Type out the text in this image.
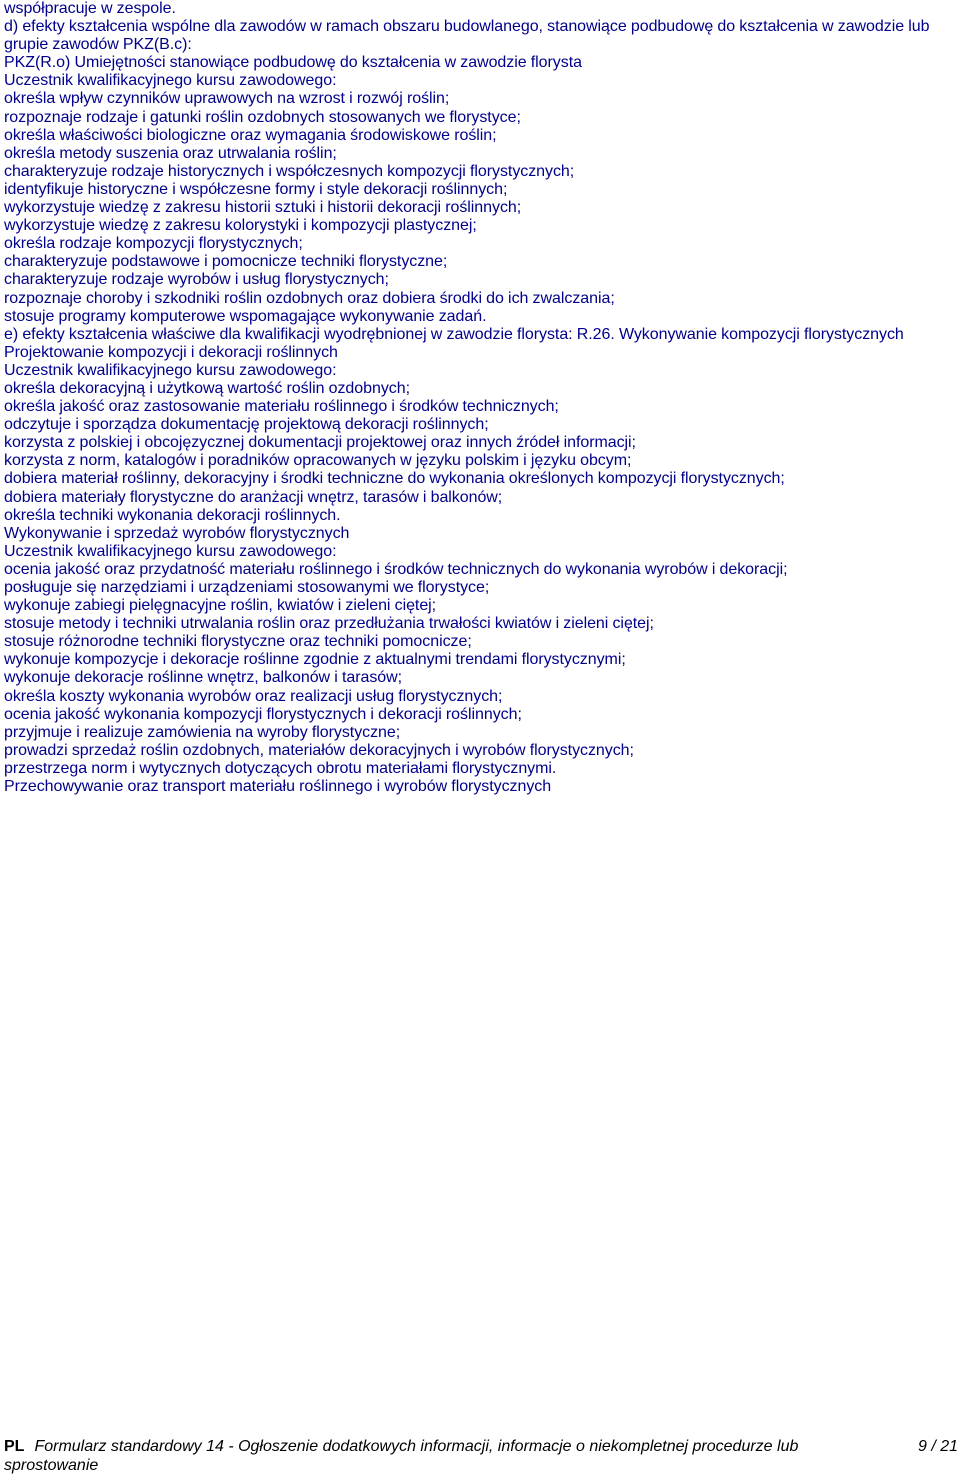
współpracuje w zespole.
d) efekty kształcenia wspólne dla zawodów w ramach obszaru budowlanego, stanowiące podbudowę do kształcenia w zawodzie lub grupie zawodów PKZ(B.c):
PKZ(R.o) Umiejętności stanowiące podbudowę do kształcenia w zawodzie florysta
Uczestnik kwalifikacyjnego kursu zawodowego:
określa wpływ czynników uprawowych na wzrost i rozwój roślin;
rozpoznaje rodzaje i gatunki roślin ozdobnych stosowanych we florystyce;
określa właściwości biologiczne oraz wymagania środowiskowe roślin;
określa metody suszenia oraz utrwalania roślin;
charakteryzuje rodzaje historycznych i współczesnych kompozycji florystycznych;
identyfikuje historyczne i współczesne formy i style dekoracji roślinnych;
wykorzystuje wiedzę z zakresu historii sztuki i historii dekoracji roślinnych;
wykorzystuje wiedzę z zakresu kolorystyki i kompozycji plastycznej;
określa rodzaje kompozycji florystycznych;
charakteryzuje podstawowe i pomocnicze techniki florystyczne;
charakteryzuje rodzaje wyrobów i usług florystycznych;
rozpoznaje choroby i szkodniki roślin ozdobnych oraz dobiera środki do ich zwalczania;
stosuje programy komputerowe wspomagające wykonywanie zadań.
e) efekty kształcenia właściwe dla kwalifikacji wyodrębnionej w zawodzie florysta: R.26. Wykonywanie kompozycji florystycznych
Projektowanie kompozycji i dekoracji roślinnych
Uczestnik kwalifikacyjnego kursu zawodowego:
określa dekoracyjną i użytkową wartość roślin ozdobnych;
określa jakość oraz zastosowanie materiału roślinnego i środków technicznych;
odczytuje i sporządza dokumentację projektową dekoracji roślinnych;
korzysta z polskiej i obcojęzycznej dokumentacji projektowej oraz innych źródeł informacji;
korzysta z norm, katalogów i poradników opracowanych w języku polskim i języku obcym;
dobiera materiał roślinny, dekoracyjny i środki techniczne do wykonania określonych kompozycji florystycznych;
dobiera materiały florystyczne do aranżacji wnętrz, tarasów i balkonów;
określa techniki wykonania dekoracji roślinnych.
Wykonywanie i sprzedaż wyrobów florystycznych
Uczestnik kwalifikacyjnego kursu zawodowego:
ocenia jakość oraz przydatność materiału roślinnego i środków technicznych do wykonania wyrobów i dekoracji;
posługuje się narzędziami i urządzeniami stosowanymi we florystyce;
wykonuje zabiegi pielęgnacyjne roślin, kwiatów i zieleni ciętej;
stosuje metody i techniki utrwalania roślin oraz przedłużania trwałości kwiatów i zieleni ciętej;
stosuje różnorodne techniki florystyczne oraz techniki pomocnicze;
wykonuje kompozycje i dekoracje roślinne zgodnie z aktualnymi trendami florystycznymi;
wykonuje dekoracje roślinne wnętrz, balkonów i tarasów;
określa koszty wykonania wyrobów oraz realizacji usług florystycznych;
ocenia jakość wykonania kompozycji florystycznych i dekoracji roślinnych;
przyjmuje i realizuje zamówienia na wyroby florystyczne;
prowadzi sprzedaż roślin ozdobnych, materiałów dekoracyjnych i wyrobów florystycznych;
przestrzega norm i wytycznych dotyczących obrotu materiałami florystycznymi.
Przechowywanie oraz transport materiału roślinnego i wyrobów florystycznych
PL Formularz standardowy 14 - Ogłoszenie dodatkowych informacji, informacje o niekompletnej procedurze lub sprostowanie
9 / 21
